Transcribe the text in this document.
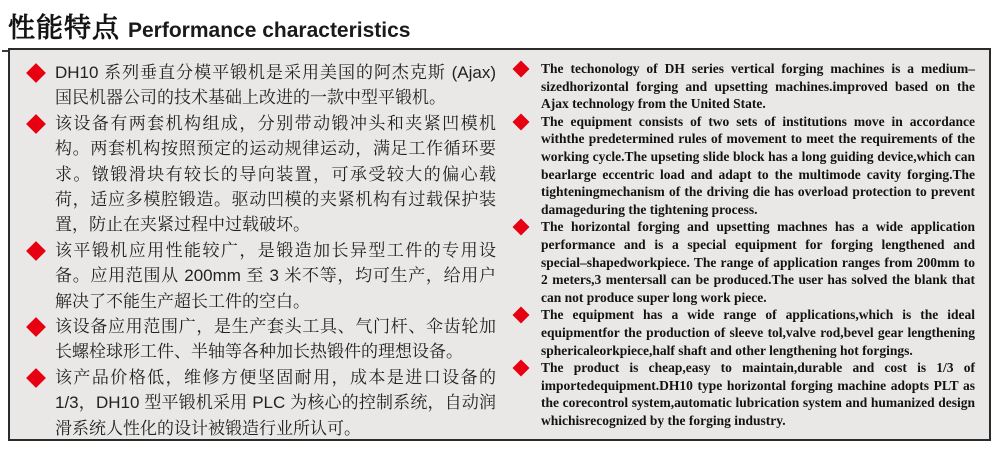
性能特点 Performance characteristics
DH10 系列垂直分模平锻机是采用美国的阿杰克斯 (Ajax) 国民机器公司的技术基础上改进的一款中型平锻机。
该设备有两套机构组成，分别带动锻冲头和夹紧凹模机构。两套机构按照预定的运动规律运动，满足工作循环要求。镦锻滑块有较长的导向装置，可承受较大的偏心载荷，适应多模腔锻造。驱动凹模的夹紧机构有过载保护装置，防止在夹紧过程中过载破坏。
该平锻机应用性能较广，是锻造加长异型工件的专用设备。应用范围从 200mm 至 3 米不等，均可生产，给用户解决了不能生产超长工件的空白。
该设备应用范围广，是生产套头工具、气门杆、伞齿轮加长螺栓球形工件、半轴等各种加长热锻件的理想设备。
该产品价格低，维修方便坚固耐用，成本是进口设备的 1/3，DH10 型平锻机采用 PLC 为核心的控制系统，自动润滑系统人性化的设计被锻造行业所认可。
The techonology of DH series vertical forging machines is a medium–sizedhorizontal forging and upsetting machines.improved based on the Ajax technology from the United State.
The equipment consists of two sets of institutions move in accordance withthe predetermined rules of movement to meet the requirements of the working cycle.The upseting slide block has a long guiding device,which can bearlarge eccentric load and adapt to the multimode cavity forging.The tighteningmechanism of the driving die has overload protection to prevent damageduring the tightening process.
The horizontal forging and upsetting machnes has a wide application performance and is a special equipment for forging lengthened and special–shapedworkpiece. The range of application ranges from 200mm to 2 meters,3 mentersall can be produced.The user has solved the blank that can not produce super long work piece.
The equipment has a wide range of applications,which is the ideal equipmentfor the production of sleeve tol,valve rod,bevel gear lengthening sphericaleorkpiece,half shaft and other lengthening hot forgings.
The product is cheap,easy to maintain,durable and cost is 1/3 of importedequipment.DH10 type horizontal forging machine adopts PLT as the corecontrol system,automatic lubrication system and humanized design whichisrecognized by the forging industry.
